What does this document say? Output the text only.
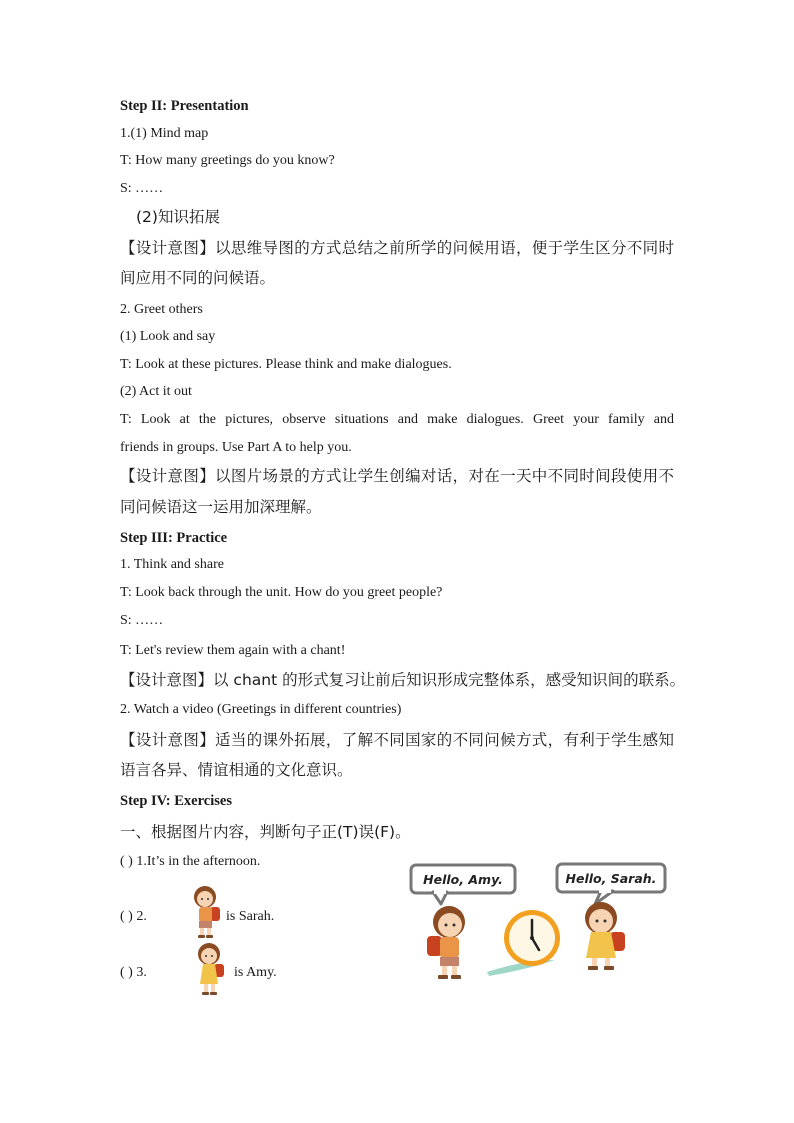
Step II: Presentation
1.(1) Mind map
T: How many greetings do you know?
S: ……
(2)知识拓展
【设计意图】以思维导图的方式总结之前所学的问候用语，便于学生区分不同时
间应用不同的问候语。
2. Greet others
(1) Look and say
T: Look at these pictures. Please think and make dialogues.
(2) Act it out
T: Look at the pictures, observe situations and make dialogues. Greet your family and
friends in groups. Use Part A to help you.
【设计意图】以图片场景的方式让学生创编对话，对在一天中不同时间段使用不
同问候语这一运用加深理解。
Step III: Practice
1. Think and share
T: Look back through the unit. How do you greet people?
S: ……
T: Let's review them again with a chant!
【设计意图】以 chant 的形式复习让前后知识形成完整体系，感受知识间的联系。
2. Watch a video (Greetings in different countries)
【设计意图】适当的课外拓展，了解不同国家的不同问候方式，有利于学生感知
语言各异、情谊相通的文化意识。
Step IV: Exercises
一、根据图片内容，判断句子正(T)误(F)。
( ) 1.It’s in the afternoon.
( ) 2.	is Sarah.
( ) 3.	is Amy.
Hello, Amy.	Hello, Sarah.
